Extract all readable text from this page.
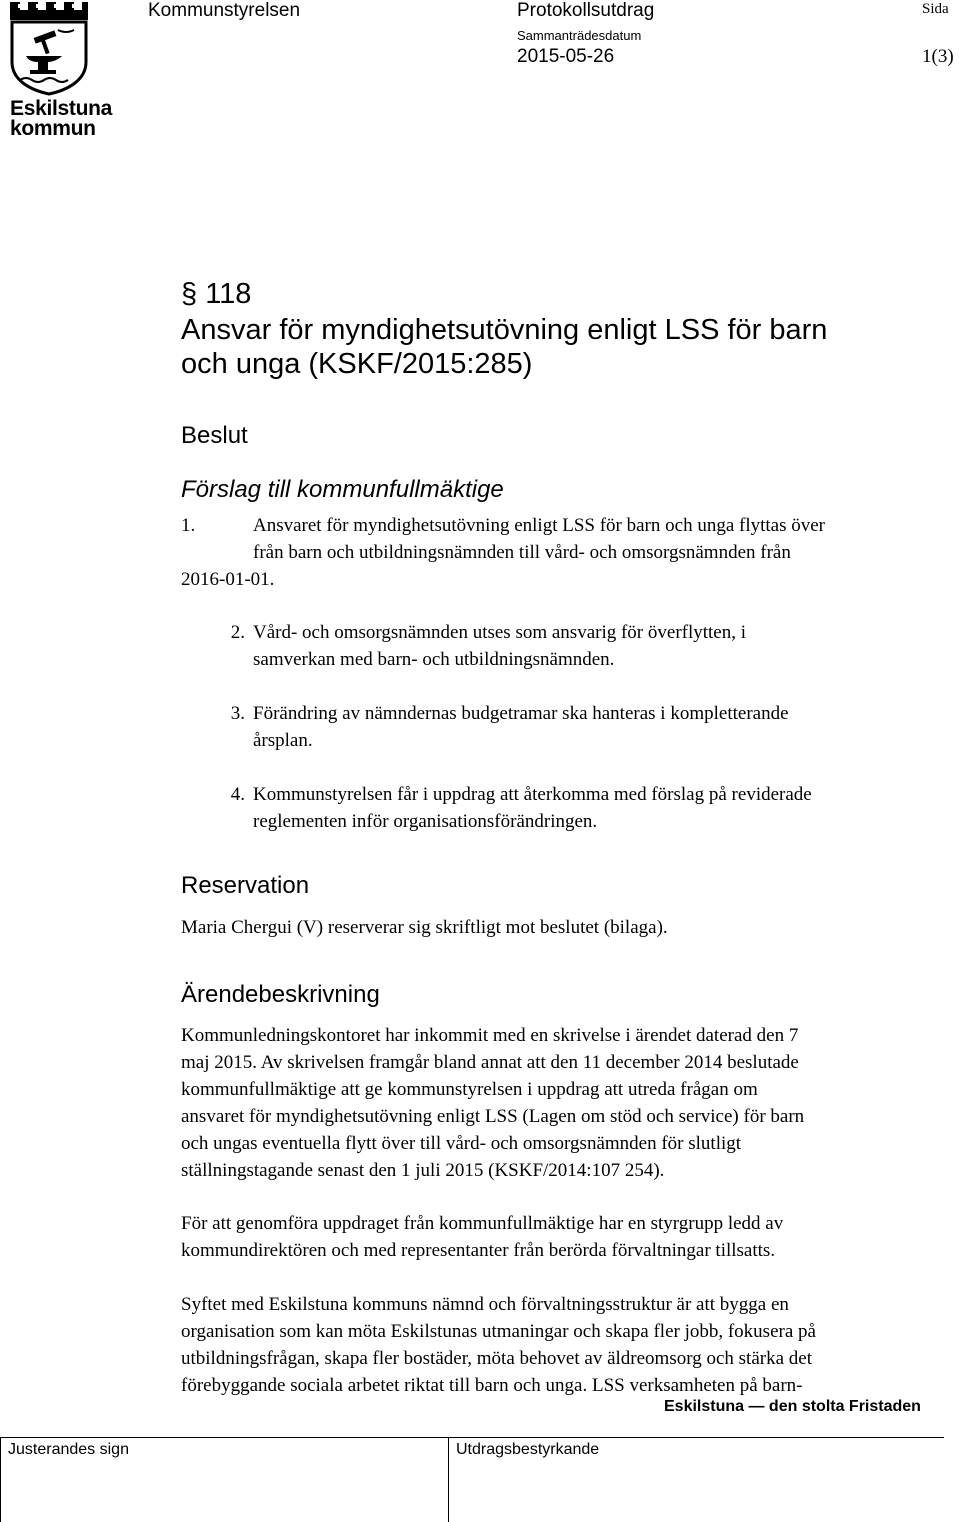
Eskilstuna
kommun
Kommunstyrelsen	Protokollsutdrag
Sammanträdesdatum
2015-05-26
Sida
1(3)
§ 118
Ansvar för myndighetsutövning enligt LSS för barn
och unga (KSKF/2015:285)
Beslut
Förslag till kommunfullmäktige
1.	Ansvaret för myndighetsutövning enligt LSS för barn och unga flyttas över
från barn och utbildningsnämnden till vård- och omsorgsnämnden från
2016-01-01.
2. Vård- och omsorgsnämnden utses som ansvarig för överflytten, i
samverkan med barn- och utbildningsnämnden.
3. Förändring av nämndernas budgetramar ska hanteras i kompletterande
årsplan.
4. Kommunstyrelsen får i uppdrag att återkomma med förslag på reviderade
reglementen inför organisationsförändringen.
Reservation
Maria Chergui (V) reserverar sig skriftligt mot beslutet (bilaga).
Ärendebeskrivning
Kommunledningskontoret har inkommit med en skrivelse i ärendet daterad den 7
maj 2015. Av skrivelsen framgår bland annat att den 11 december 2014 beslutade
kommunfullmäktige att ge kommunstyrelsen i uppdrag att utreda frågan om
ansvaret för myndighetsutövning enligt LSS (Lagen om stöd och service) för barn
och ungas eventuella flytt över till vård- och omsorgsnämnden för slutligt
ställningstagande senast den 1 juli 2015 (KSKF/2014:107 254).
För att genomföra uppdraget från kommunfullmäktige har en styrgrupp ledd av
kommundirektören och med representanter från berörda förvaltningar tillsatts.
Syftet med Eskilstuna kommuns nämnd och förvaltningsstruktur är att bygga en
organisation som kan möta Eskilstunas utmaningar och skapa fler jobb, fokusera på
utbildningsfrågan, skapa fler bostäder, möta behovet av äldreomsorg och stärka det
förebyggande sociala arbetet riktat till barn och unga. LSS verksamheten på barn-
Eskilstuna — den stolta Fristaden
Justerandes sign	Utdragsbestyrkande
